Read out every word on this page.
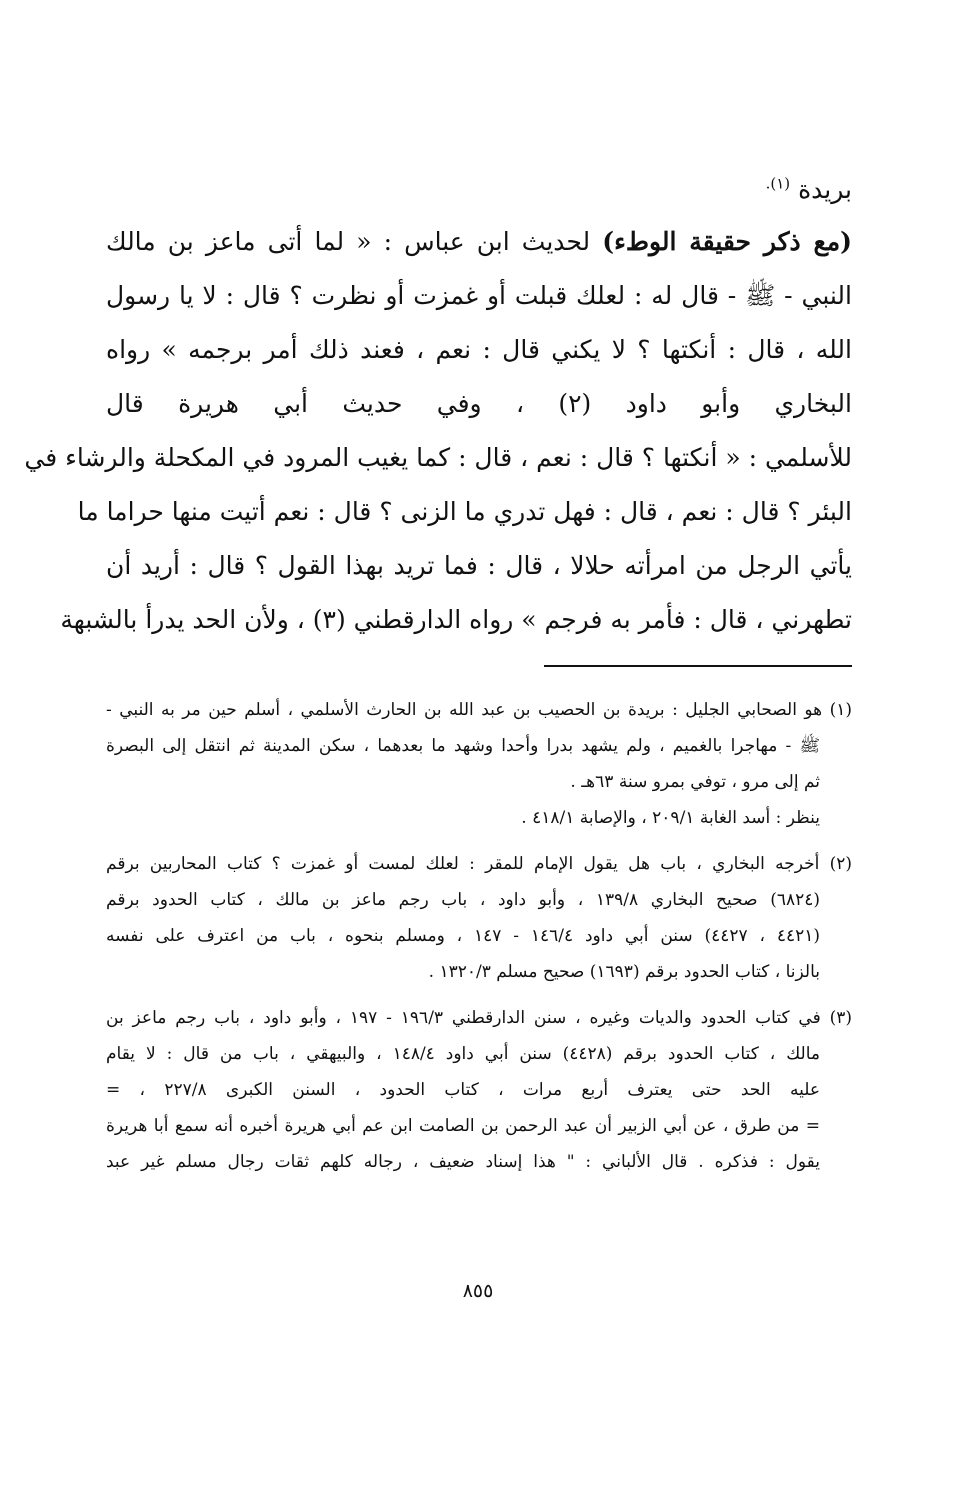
بريدة $^{(١).}$
(مع ذكر حقيقة الوطء) لحديث ابن عباس : « لما أتى ماعز بن مالك
النبي - ﷺ - قال له : لعلك قبلت أو غمزت أو نظرت ؟ قال : لا يا رسول
الله ، قال : أنكتها ؟ لا يكني قال : نعم ، فعند ذلك أمر برجمه » رواه
البخاري وأبو داود (٢) ، وفي حديث أبي هريرة قال
للأسلمي : « أنكتها ؟ قال : نعم ، قال : كما يغيب المرود في المكحلة والرشاء في
البئر ؟ قال : نعم ، قال : فهل تدري ما الزنى ؟ قال : نعم أتيت منها حراما ما
يأتي الرجل من امرأته حلالا ، قال : فما تريد بهذا القول ؟ قال : أريد أن
تطهرني ، قال : فأمر به فرجم » رواه الدارقطني (٣) ، ولأن الحد يدرأ بالشبهة
(١) هو الصحابي الجليل : بريدة بن الحصيب بن عبد الله بن الحارث الأسلمي ، أسلم حين مر به النبي -
ﷺ - مهاجرا بالغميم ، ولم يشهد بدرا وأحدا وشهد ما بعدهما ، سكن المدينة ثم انتقل إلى البصرة
ثم إلى مرو ، توفي بمرو سنة ٦٣هـ .
ينظر : أسد الغابة ٢٠٩/١ ، والإصابة ٤١٨/١ .
(٢) أخرجه البخاري ، باب هل يقول الإمام للمقر : لعلك لمست أو غمزت ؟ كتاب المحاربين برقم
(٦٨٢٤) صحيح البخاري ١٣٩/٨ ، وأبو داود ، باب رجم ماعز بن مالك ، كتاب الحدود برقم
(٤٤٢١ ، ٤٤٢٧) سنن أبي داود ١٤٦/٤ - ١٤٧ ، ومسلم بنحوه ، باب من اعترف على نفسه
بالزنا ، كتاب الحدود برقم (١٦٩٣) صحيح مسلم ١٣٢٠/٣ .
(٣) في كتاب الحدود والديات وغيره ، سنن الدارقطني ١٩٦/٣ - ١٩٧ ، وأبو داود ، باب رجم ماعز بن
مالك ، كتاب الحدود برقم (٤٤٢٨) سنن أبي داود ١٤٨/٤ ، والبيهقي ، باب من قال : لا يقام
عليه الحد حتى يعترف أربع مرات ، كتاب الحدود ، السنن الكبرى ٢٢٧/٨ ، =
= من طرق ، عن أبي الزبير أن عبد الرحمن بن الصامت ابن عم أبي هريرة أخبره أنه سمع أبا هريرة
يقول : فذكره . قال الألباني : " هذا إسناد ضعيف ، رجاله كلهم ثقات رجال مسلم غير عبد
٨٥٥
